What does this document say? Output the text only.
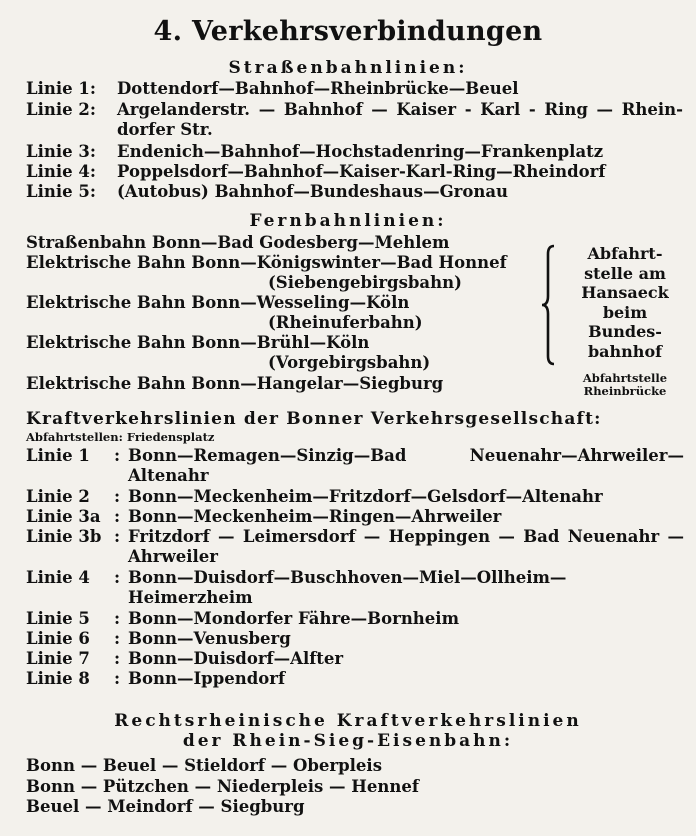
4. Verkehrsverbindungen
Straßenbahnlinien:
Linie 1: Dottendorf—Bahnhof—Rheinbrücke—Beuel
Linie 2: Argelanderstr. — Bahnhof — Kaiser - Karl - Ring — Rhein-
dorfer Str.
Linie 3: Endenich—Bahnhof—Hochstadenring—Frankenplatz
Linie 4: Poppelsdorf—Bahnhof—Kaiser-Karl-Ring—Rheindorf
Linie 5: (Autobus) Bahnhof—Bundeshaus—Gronau
Fernbahnlinien:
Straßenbahn Bonn—Bad Godesberg—Mehlem
Elektrische Bahn Bonn—Königswinter—Bad Honnef
(Siebengebirgsbahn)
Elektrische Bahn Bonn—Wesseling—Köln
(Rheinuferbahn)
Elektrische Bahn Bonn—Brühl—Köln
(Vorgebirgsbahn)
Elektrische Bahn Bonn—Hangelar—Siegburg
Abfahrt-
stelle am
Hansaeck
beim
Bundes-
bahnhof
Abfahrtstelle
Rheinbrücke
Kraftverkehrslinien der Bonner Verkehrsgesellschaft:
Abfahrtstellen: Friedensplatz
Linie 1 : Bonn—Remagen—Sinzig—Bad Neuenahr—Ahrweiler—
Altenahr
Linie 2 : Bonn—Meckenheim—Fritzdorf—Gelsdorf—Altenahr
Linie 3a : Bonn—Meckenheim—Ringen—Ahrweiler
Linie 3b : Fritzdorf — Leimersdorf — Heppingen — Bad Neuenahr —
Ahrweiler
Linie 4 : Bonn—Duisdorf—Buschhoven—Miel—Ollheim—
Heimerzheim
Linie 5 : Bonn—Mondorfer Fähre—Bornheim
Linie 6 : Bonn—Venusberg
Linie 7 : Bonn—Duisdorf—Alfter
Linie 8 : Bonn—Ippendorf
Rechtsrheinische Kraftverkehrslinien
der Rhein-Sieg-Eisenbahn:
Bonn — Beuel — Stieldorf — Oberpleis
Bonn — Pützchen — Niederpleis — Hennef
Beuel — Meindorf — Siegburg
